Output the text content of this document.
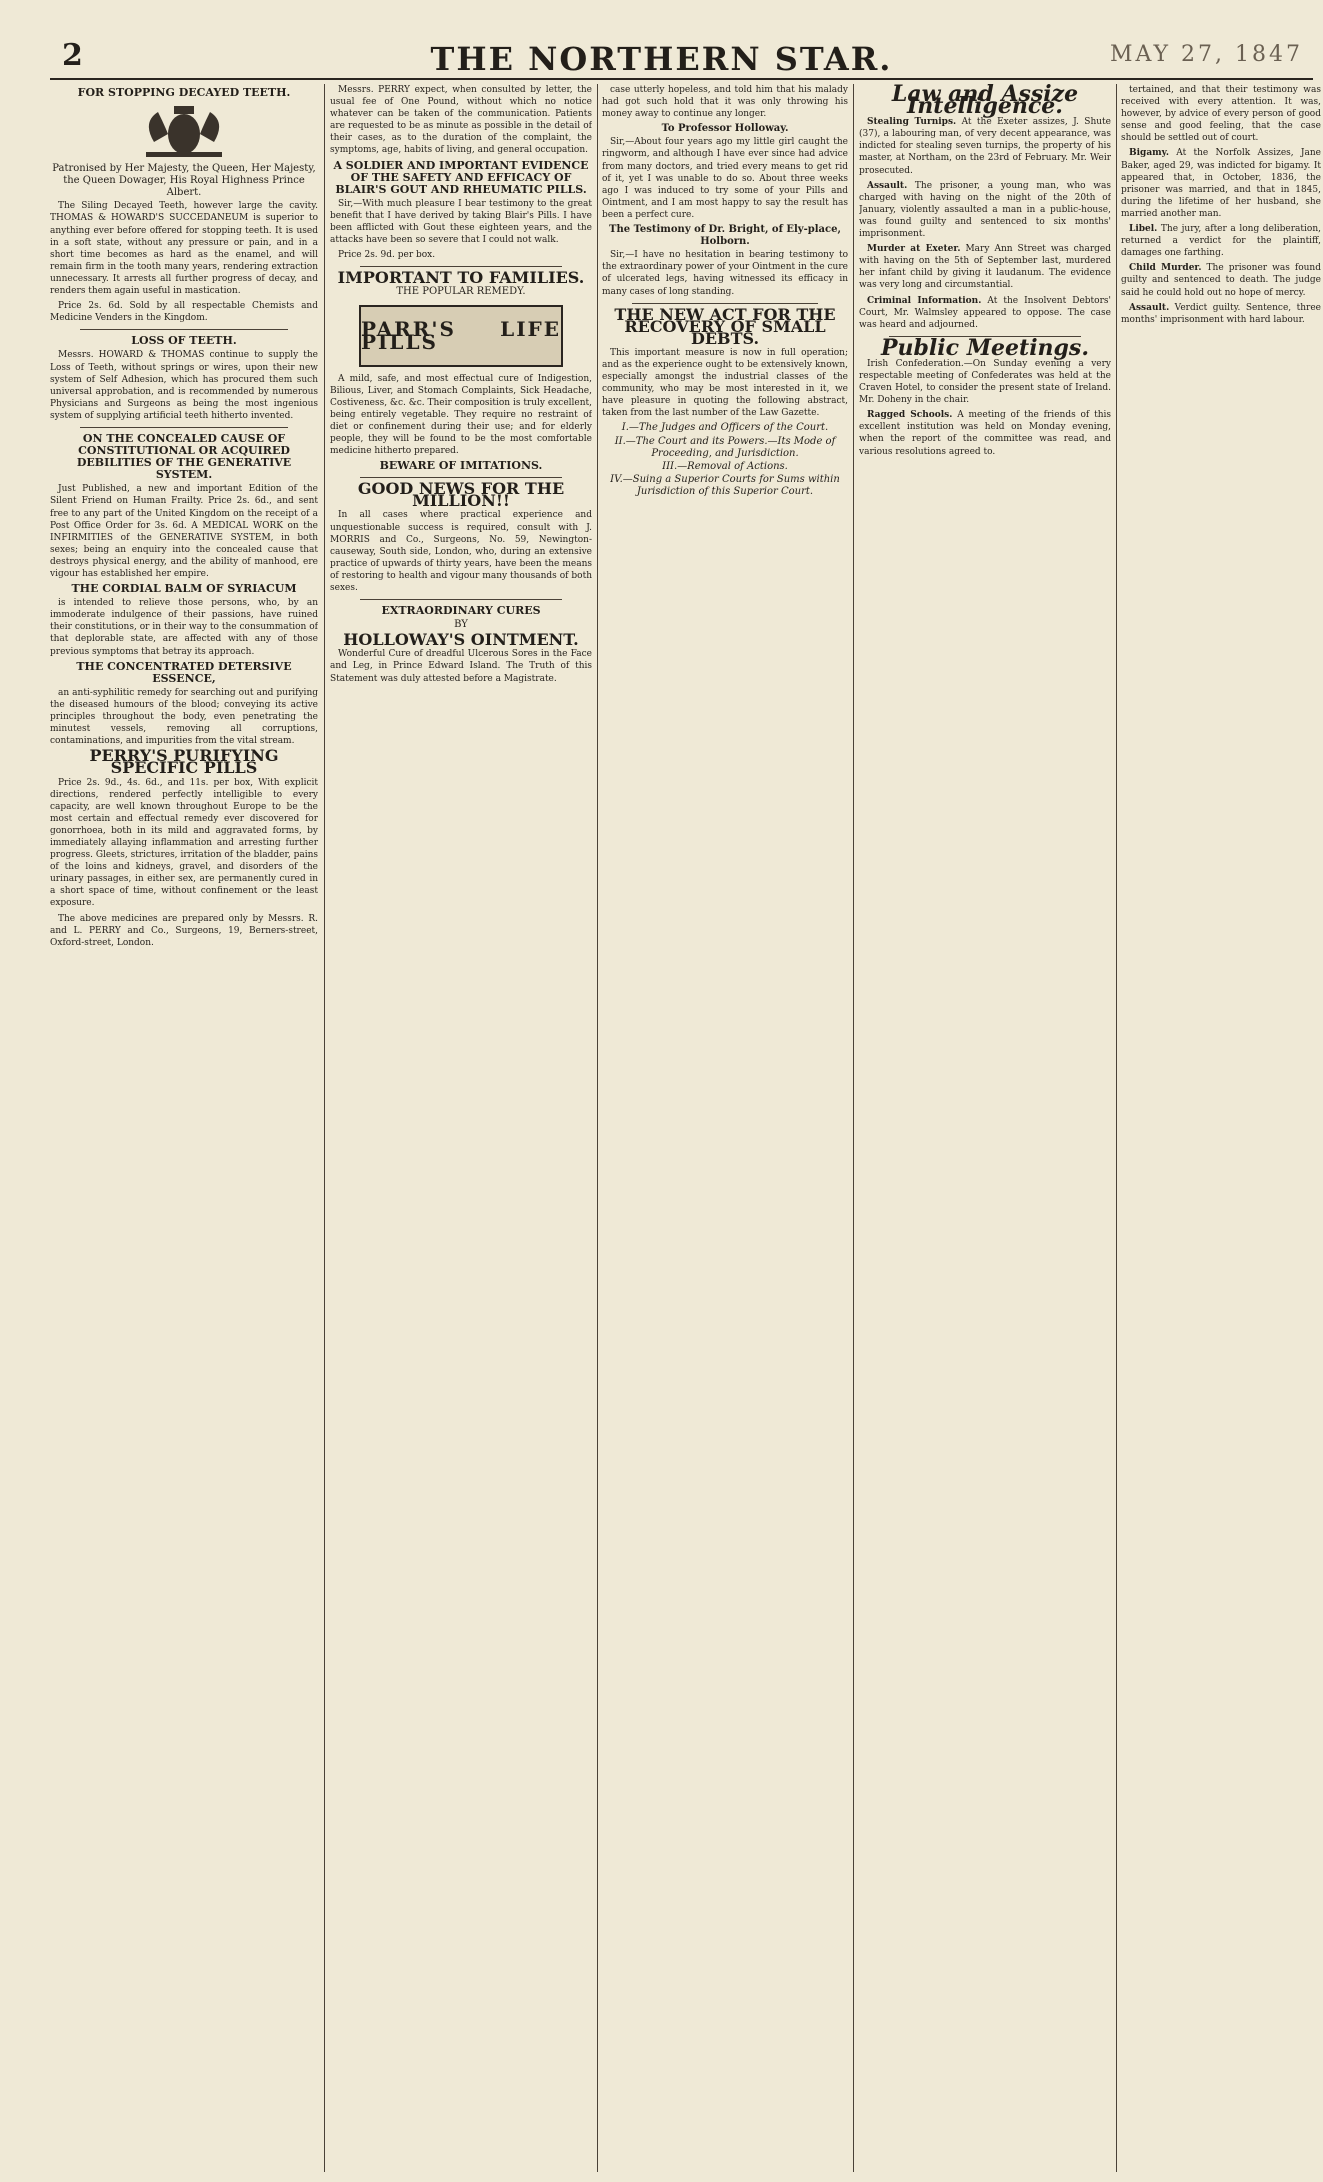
2	THE NORTHERN STAR.	MAY 27, 1847
FOR STOPPING DECAYED TEETH.
Patronised by Her Majesty, the Queen, Her Majesty, the Queen Dowager, His Royal Highness Prince Albert.

The Siling Decayed Teeth, however large the cavity. THOMAS & HOWARD'S SUCCEDANEUM is superior to anything ever before offered for stopping teeth. It is used in a soft state, without any pressure or pain, and in a short time becomes as hard as the enamel, and will remain firm in the tooth many years, rendering extraction unnecessary. It arrests all further progress of decay, and renders them again useful in mastication.

Price 2s. 6d. Sold by all respectable Chemists and Medicine Venders in the Kingdom.

LOSS OF TEETH.

Messrs. HOWARD & THOMAS continue to supply the Loss of Teeth, without springs or wires, upon their new system of Self Adhesion, which has procured them such universal approbation, and is recommended by numerous Physicians and Surgeons as being the most ingenious system of supplying artificial teeth hitherto invented.

ON THE CONCEALED CAUSE OF CONSTITUTIONAL OR ACQUIRED DEBILITIES OF THE GENERATIVE SYSTEM.

Just Published, a new and important Edition of the Silent Friend on Human Frailty. Price 2s. 6d., and sent free to any part of the United Kingdom on the receipt of a Post Office Order for 3s. 6d. A MEDICAL WORK on the INFIRMITIES of the GENERATIVE SYSTEM, in both sexes; being an enquiry into the concealed cause that destroys physical energy, and the ability of manhood, ere vigour has established her empire.

THE CORDIAL BALM OF SYRIACUM

is intended to relieve those persons, who, by an immoderate indulgence of their passions, have ruined their constitutions, or in their way to the consummation of that deplorable state, are affected with any of those previous symptoms that betray its approach.

THE CONCENTRATED DETERSIVE ESSENCE,

an anti-syphilitic remedy for searching out and purifying the diseased humours of the blood; conveying its active principles throughout the body, even penetrating the minutest vessels, removing all corruptions, contaminations, and impurities from the vital stream.

PERRY'S PURIFYING SPECIFIC PILLS

Price 2s. 9d., 4s. 6d., and 11s. per box, With explicit directions, rendered perfectly intelligible to every capacity, are well known throughout Europe to be the most certain and effectual remedy ever discovered for gonorrhoea, both in its mild and aggravated forms, by immediately allaying inflammation and arresting further progress. Gleets, strictures, irritation of the bladder, pains of the loins and kidneys, gravel, and disorders of the urinary passages, in either sex, are permanently cured in a short space of time, without confinement or the least exposure.

The above medicines are prepared only by Messrs. R. and L. PERRY and Co., Surgeons, 19, Berners-street, Oxford-street, London.

Messrs. PERRY expect, when consulted by letter, the usual fee of One Pound, without which no notice whatever can be taken of the communication. Patients are requested to be as minute as possible in the detail of their cases, as to the duration of the complaint, the symptoms, age, habits of living, and general occupation.

A SOLDIER AND IMPORTANT EVIDENCE OF THE SAFETY AND EFFICACY OF BLAIR'S GOUT AND RHEUMATIC PILLS.

Sir,—With much pleasure I bear testimony to the great benefit that I have derived by taking Blair's Pills. I have been afflicted with Gout these eighteen years, and the attacks have been so severe that I could not walk.

Price 2s. 9d. per box.

IMPORTANT TO FAMILIES.
THE POPULAR REMEDY.
PARR'S LIFE PILLS

A mild, safe, and most effectual cure of Indigestion, Bilious, Liver, and Stomach Complaints, Sick Headache, Costiveness, &c. &c. Their composition is truly excellent, being entirely vegetable. They require no restraint of diet or confinement during their use; and for elderly people, they will be found to be the most comfortable medicine hitherto prepared.

BEWARE OF IMITATIONS.
GOOD NEWS FOR THE MILLION!!

In all cases where practical experience and unquestionable success is required, consult with J. MORRIS and Co., Surgeons, No. 59, Newington-causeway, South side, London, who, during an extensive practice of upwards of thirty years, have been the means of restoring to health and vigour many thousands of both sexes.

EXTRAORDINARY CURES
BY
HOLLOWAY'S OINTMENT.

Wonderful Cure of dreadful Ulcerous Sores in the Face and Leg, in Prince Edward Island. The Truth of this Statement was duly attested before a Magistrate.

case utterly hopeless, and told him that his malady had got such hold that it was only throwing his money away to continue any longer.

To Professor Holloway.

Sir,—About four years ago my little girl caught the ringworm, and although I have ever since had advice from many doctors, and tried every means to get rid of it, yet I was unable to do so. About three weeks ago I was induced to try some of your Pills and Ointment, and I am most happy to say the result has been a perfect cure.

The Testimony of Dr. Bright, of Ely-place, Holborn.

Sir,—I have no hesitation in bearing testimony to the extraordinary power of your Ointment in the cure of ulcerated legs, having witnessed its efficacy in many cases of long standing.

THE NEW ACT FOR THE RECOVERY OF SMALL DEBTS.

This important measure is now in full operation; and as the experience ought to be extensively known, especially amongst the industrial classes of the community, who may be most interested in it, we have pleasure in quoting the following abstract, taken from the last number of the Law Gazette.

I.—The Judges and Officers of the Court.
II.—The Court and its Powers.—Its Mode of Proceeding, and Jurisdiction.
III.—Removal of Actions.
IV.—Suing a Superior Courts for Sums within Jurisdiction of this Superior Court.
Law and Assize Intelligence.

Stealing Turnips. At the Exeter assizes, J. Shute (37), a labouring man, of very decent appearance, was indicted for stealing seven turnips, the property of his master, at Northam, on the 23rd of February. Mr. Weir prosecuted.

Assault. The prisoner, a young man, who was charged with having on the night of the 20th of January, violently assaulted a man in a public-house, was found guilty and sentenced to six months' imprisonment.

Murder at Exeter. Mary Ann Street was charged with having on the 5th of September last, murdered her infant child by giving it laudanum. The evidence was very long and circumstantial.

Criminal Information. At the Insolvent Debtors' Court, Mr. Walmsley appeared to oppose. The case was heard and adjourned.

Public Meetings.

Irish Confederation.—On Sunday evening a very respectable meeting of Confederates was held at the Craven Hotel, to consider the present state of Ireland. Mr. Doheny in the chair.

Ragged Schools. A meeting of the friends of this excellent institution was held on Monday evening, when the report of the committee was read, and various resolutions agreed to.

tertained, and that their testimony was received with every attention. It was, however, by advice of every person of good sense and good feeling, that the case should be settled out of court.

Bigamy. At the Norfolk Assizes, Jane Baker, aged 29, was indicted for bigamy. It appeared that, in October, 1836, the prisoner was married, and that in 1845, during the lifetime of her husband, she married another man.

Libel. The jury, after a long deliberation, returned a verdict for the plaintiff, damages one farthing.

Child Murder. The prisoner was found guilty and sentenced to death. The judge said he could hold out no hope of mercy.

Assault. Verdict guilty. Sentence, three months' imprisonment with hard labour.
